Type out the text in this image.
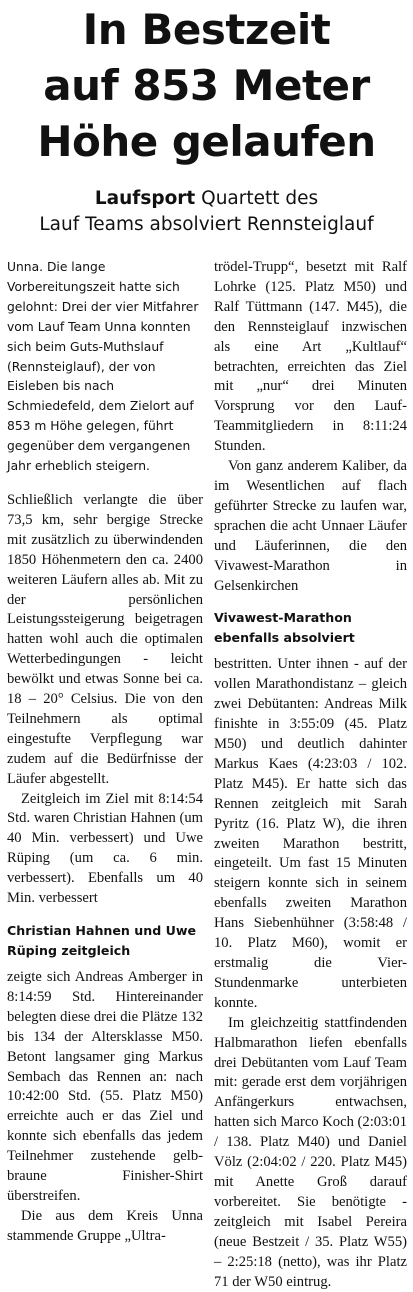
In Bestzeit
auf 853 Meter
Höhe gelaufen
Laufsport Quartett des
Lauf Teams absolviert Rennsteiglauf

Unna. Die lange Vorbereitungszeit hatte sich gelohnt: Drei der vier Mitfahrer vom Lauf Team Unna konnten sich beim Guts-Muthslauf (Rennsteiglauf), der von Eisleben bis nach Schmiedefeld, dem Zielort auf 853 m Höhe gelegen, führt gegenüber dem vergangenen Jahr erheblich steigern.

Schließlich verlangte die über 73,5 km, sehr bergige Strecke mit zusätzlich zu überwindenden 1850 Höhenmetern den ca. 2400 weiteren Läufern alles ab. Mit zu der persönlichen Leistungssteigerung beigetragen hatten wohl auch die optimalen Wetterbedingungen - leicht bewölkt und etwas Sonne bei ca. 18 – 20° Celsius. Die von den Teilnehmern als optimal eingestufte Verpflegung war zudem auf die Bedürfnisse der Läufer abgestellt.

Zeitgleich im Ziel mit 8:14:54 Std. waren Christian Hahnen (um 40 Min. verbessert) und Uwe Rüping (um ca. 6 min. verbessert). Ebenfalls um 40 Min. verbessert

Christian Hahnen und Uwe Rüping zeitgleich

zeigte sich Andreas Amberger in 8:14:59 Std. Hintereinander belegten diese drei die Plätze 132 bis 134 der Altersklasse M50. Betont langsamer ging Markus Sembach das Rennen an: nach 10:42:00 Std. (55. Platz M50) erreichte auch er das Ziel und konnte sich ebenfalls das jedem Teilnehmer zustehende gelb-braune Finisher-Shirt überstreifen.

Die aus dem Kreis Unna stammende Gruppe „Ultra-

trödel-Trupp“, besetzt mit Ralf Lohrke (125. Platz M50) und Ralf Tüttmann (147. M45), die den Rennsteiglauf inzwischen als eine Art „Kultlauf“ betrachten, erreichten das Ziel mit „nur“ drei Minuten Vorsprung vor den Lauf-Teammitgliedern in 8:11:24 Stunden.

Von ganz anderem Kaliber, da im Wesentlichen auf flach geführter Strecke zu laufen war, sprachen die acht Unnaer Läufer und Läuferinnen, die den Vivawest-Marathon in Gelsenkirchen

Vivawest-Marathon ebenfalls absolviert

bestritten. Unter ihnen - auf der vollen Marathondistanz – gleich zwei Debütanten: Andreas Milk finishte in 3:55:09 (45. Platz M50) und deutlich dahinter Markus Kaes (4:23:03 / 102. Platz M45). Er hatte sich das Rennen zeitgleich mit Sarah Pyritz (16. Platz W), die ihren zweiten Marathon bestritt, eingeteilt. Um fast 15 Minuten steigern konnte sich in seinem ebenfalls zweiten Marathon Hans Siebenhühner (3:58:48 / 10. Platz M60), womit er erstmalig die Vier-Stundenmarke unterbieten konnte.

Im gleichzeitig stattfindenden Halbmarathon liefen ebenfalls drei Debütanten vom Lauf Team mit: gerade erst dem vorjährigen Anfängerkurs entwachsen, hatten sich Marco Koch (2:03:01 / 138. Platz M40) und Daniel Völz (2:04:02 / 220. Platz M45) mit Anette Groß darauf vorbereitet. Sie benötigte - zeitgleich mit Isabel Pereira (neue Bestzeit / 35. Platz W55) – 2:25:18 (netto), was ihr Platz 71 der W50 eintrug.
